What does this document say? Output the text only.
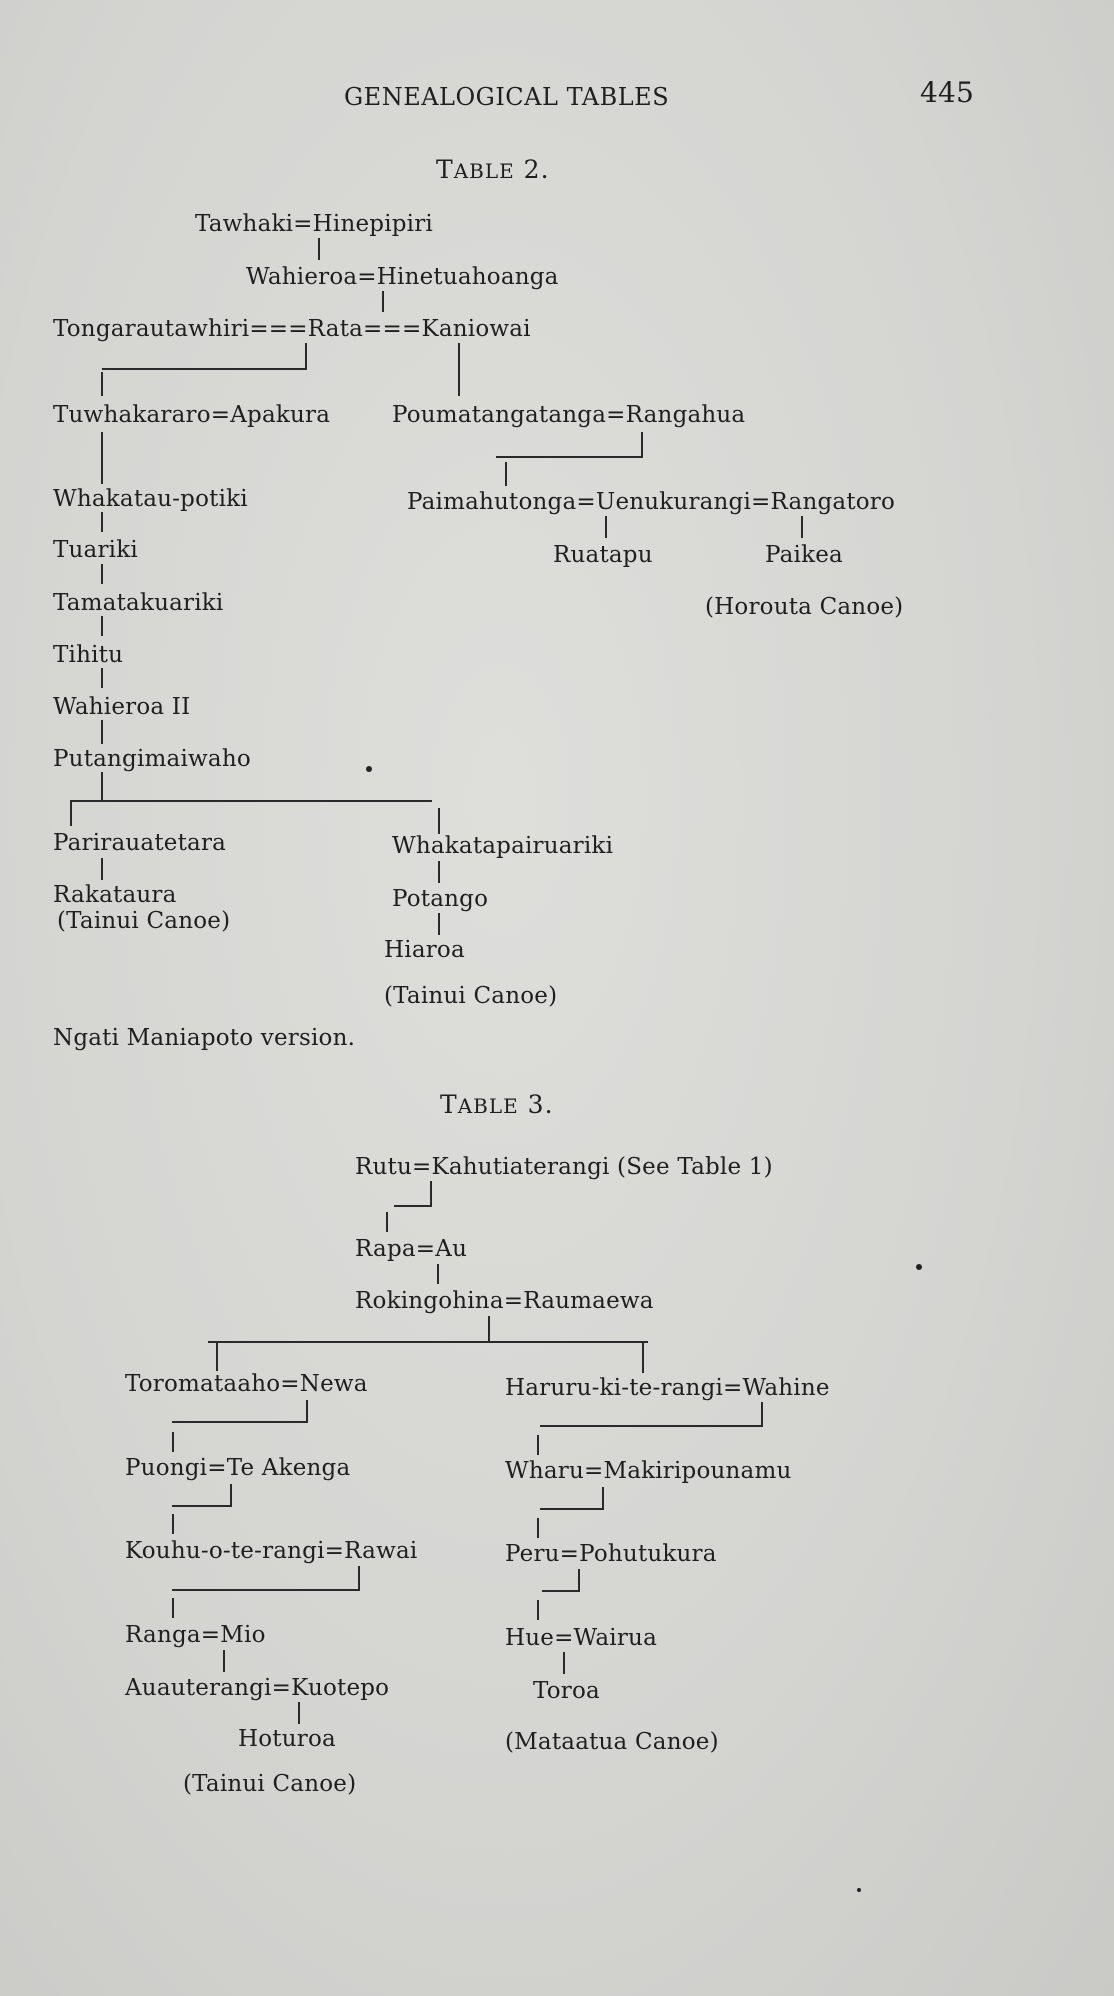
GENEALOGICAL TABLES	445
TABLE 2.
Tawhaki=Hinepipiri
Wahieroa=Hinetuahoanga
Tongarautawhiri===Rata===Kaniowai
Tuwhakararo=Apakura	Poumatangatanga=Rangahua
Whakatau-potiki	Paimahutonga=Uenukurangi=Rangatoro
Tuariki	Ruatapu	Paikea
Tamatakuariki	(Horouta Canoe)
Tihitu
Wahieroa II
Putangimaiwaho
Parirauatetara	Whakatapairuariki
Rakataura
(Tainui Canoe)
Potango
Hiaroa
(Tainui Canoe)
Ngati Maniapoto version.
TABLE 3.
Rutu=Kahutiaterangi (See Table 1)
Rapa=Au
Rokingohina=Raumaewa
Toromataaho=Newa	Haruru-ki-te-rangi=Wahine
Puongi=Te Akenga	Wharu=Makiripounamu
Kouhu-o-te-rangi=Rawai	Peru=Pohutukura
Ranga=Mio	Hue=Wairua
Auauterangi=Kuotepo	Toroa
Hoturoa	(Mataatua Canoe)
(Tainui Canoe)
